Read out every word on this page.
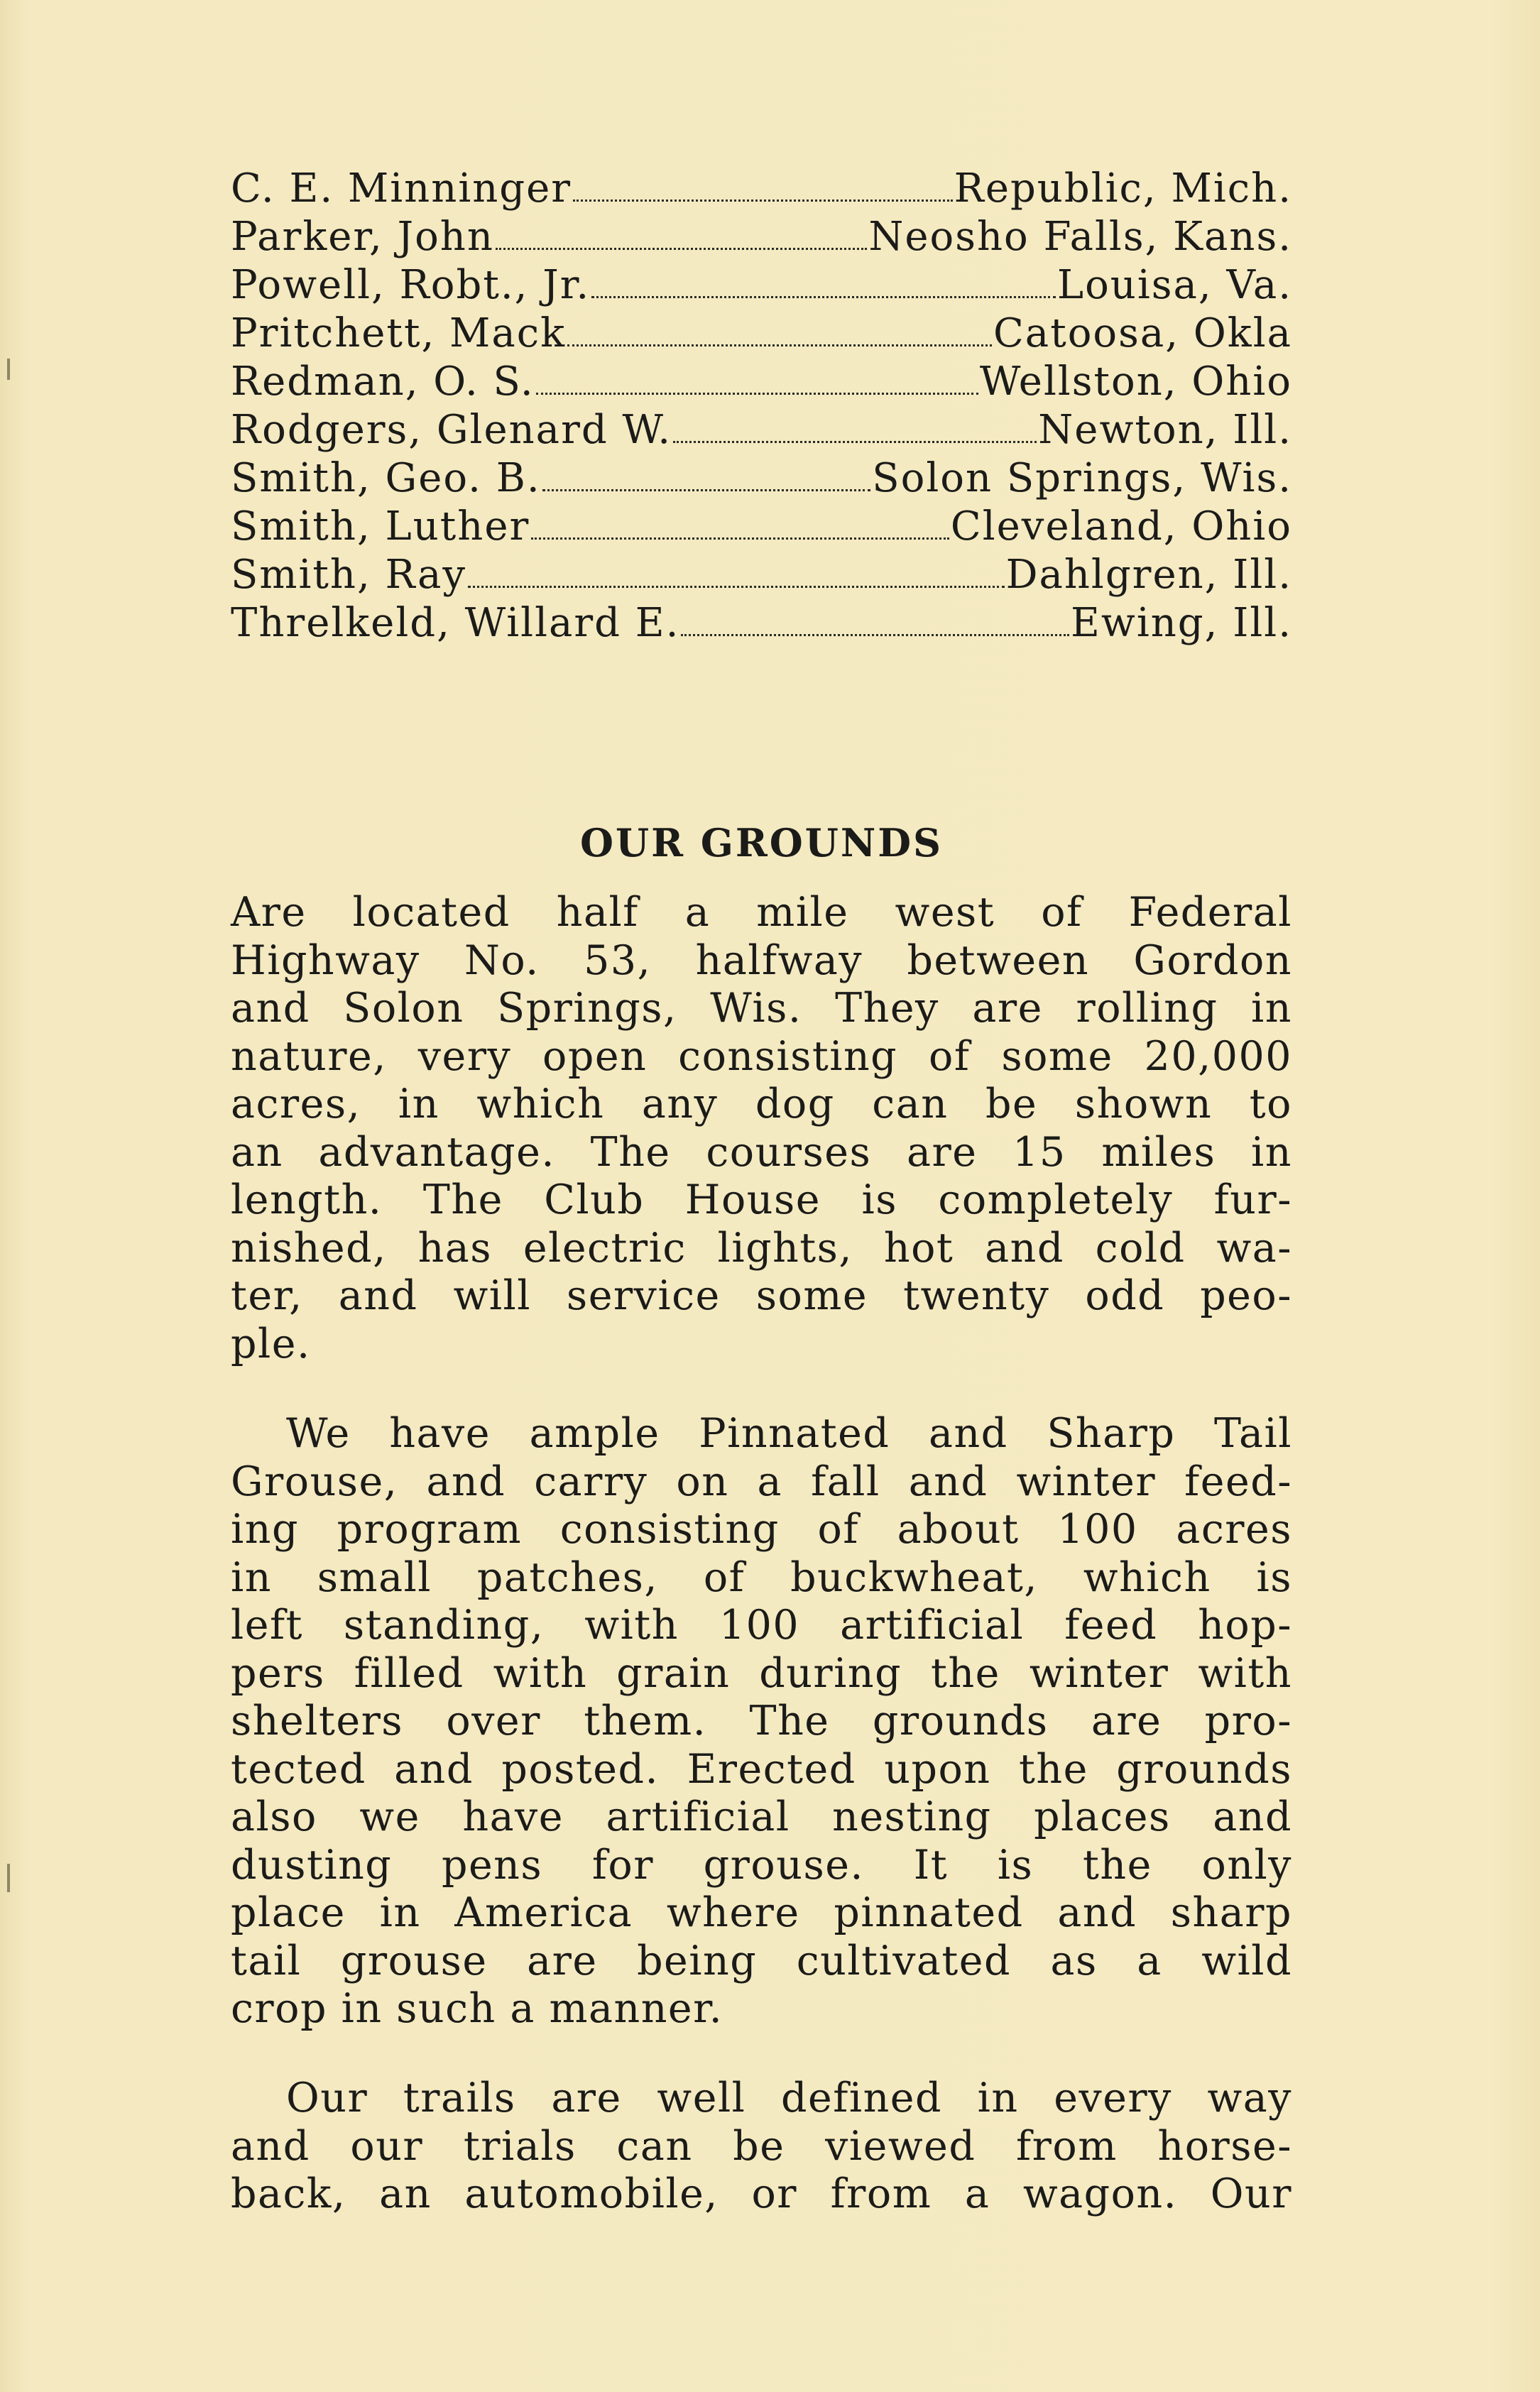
C. E. Minninger	Republic, Mich.
Parker, John	Neosho Falls, Kans.
Powell, Robt., Jr.	Louisa, Va.
Pritchett, Mack	Catoosa, Okla
Redman, O. S.	Wellston, Ohio
Rodgers, Glenard W.	Newton, Ill.
Smith, Geo. B.	Solon Springs, Wis.
Smith, Luther	Cleveland, Ohio
Smith, Ray	Dahlgren, Ill.
Threlkeld, Willard E.	Ewing, Ill.
OUR GROUNDS

Are located half a mile west of Federal
Highway No. 53, halfway between Gordon
and Solon Springs, Wis. They are rolling in
nature, very open consisting of some 20,000
acres, in which any dog can be shown to
an advantage. The courses are 15 miles in
length. The Club House is completely fur-
nished, has electric lights, hot and cold wa-
ter, and will service some twenty odd peo-
ple.

We have ample Pinnated and Sharp Tail
Grouse, and carry on a fall and winter feed-
ing program consisting of about 100 acres
in small patches, of buckwheat, which is
left standing, with 100 artificial feed hop-
pers filled with grain during the winter with
shelters over them. The grounds are pro-
tected and posted. Erected upon the grounds
also we have artificial nesting places and
dusting pens for grouse. It is the only
place in America where pinnated and sharp
tail grouse are being cultivated as a wild
crop in such a manner.

Our trails are well defined in every way
and our trials can be viewed from horse-
back, an automobile, or from a wagon. Our
